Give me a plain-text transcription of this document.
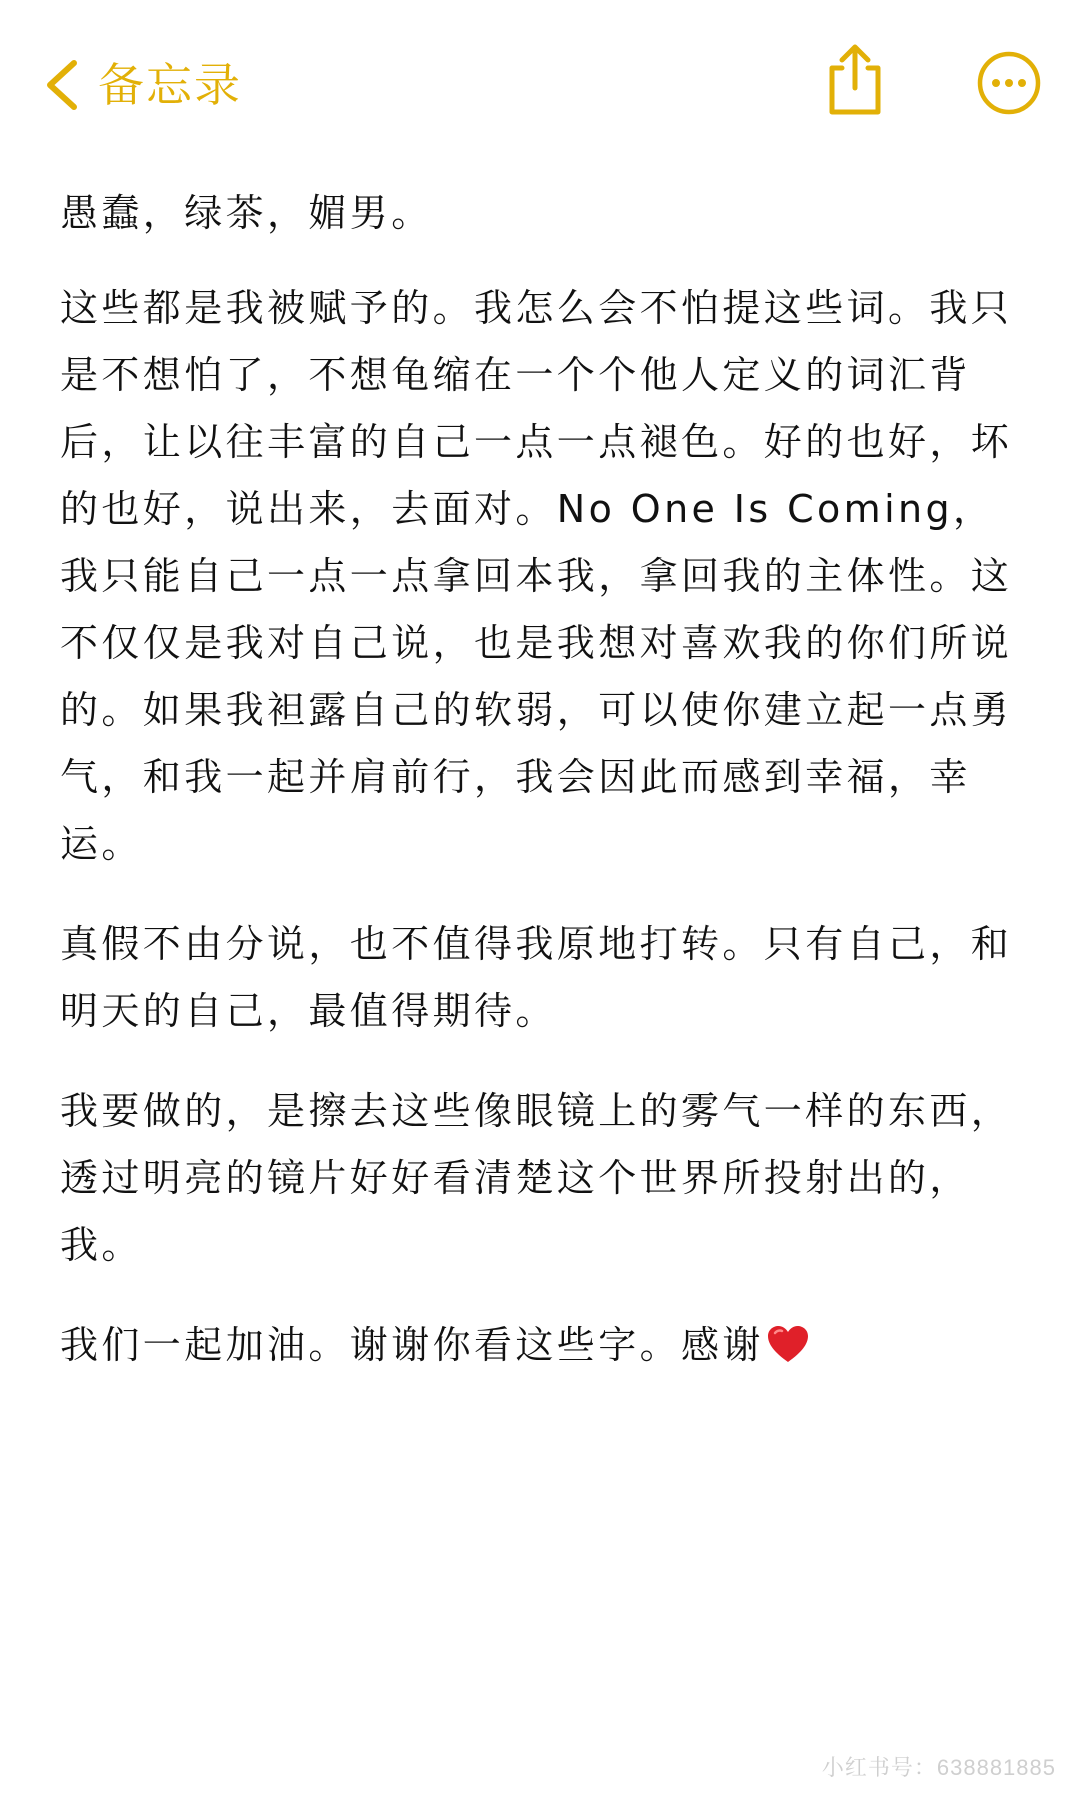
备忘录

愚蠢，绿茶，媚男。

这些都是我被赋予的。我怎么会不怕提这些词。我只是不想怕了，不想龟缩在一个个他人定义的词汇背后，让以往丰富的自己一点一点褪色。好的也好，坏的也好，说出来，去面对。No One Is Coming，我只能自己一点一点拿回本我，拿回我的主体性。这不仅仅是我对自己说，也是我想对喜欢我的你们所说的。如果我袒露自己的软弱，可以使你建立起一点勇气，和我一起并肩前行，我会因此而感到幸福，幸运。

真假不由分说，也不值得我原地打转。只有自己，和明天的自己，最值得期待。

我要做的，是擦去这些像眼镜上的雾气一样的东西，透过明亮的镜片好好看清楚这个世界所投射出的，我。

我们一起加油。谢谢你看这些字。感谢

小红书号：638881885
